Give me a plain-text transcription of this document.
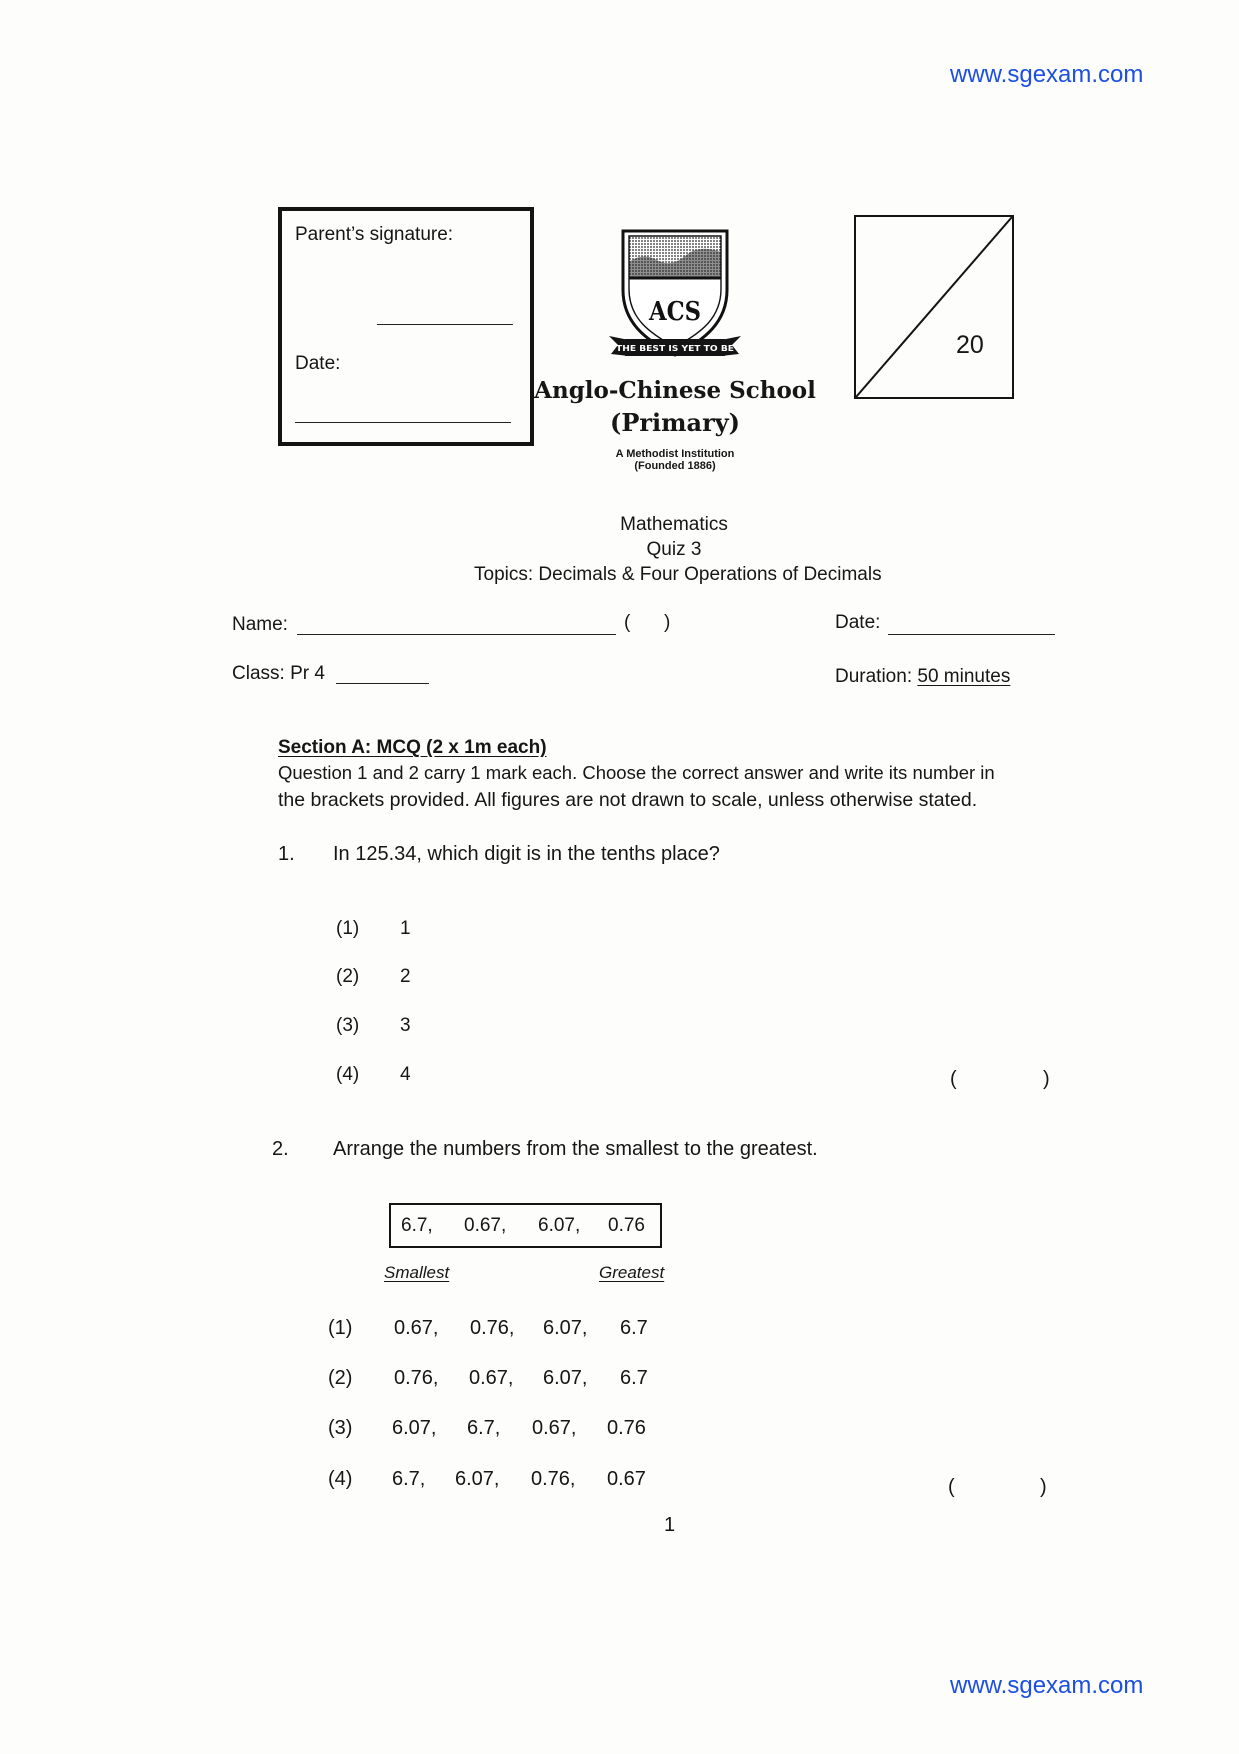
www.sgexam.com
Parent’s signature:
Date:
ACS
THE BEST IS YET TO BE
Anglo-Chinese School
(Primary)
A Methodist Institution
(Founded 1886)
20
Mathematics
Quiz 3
Topics: Decimals & Four Operations of Decimals
Name:	( )	Date:
Class: Pr 4	Duration: 50 minutes
Section A: MCQ (2 x 1m each)
Question 1 and 2 carry 1 mark each. Choose the correct answer and write its number in
the brackets provided. All figures are not drawn to scale, unless otherwise stated.
1. In 125.34, which digit is in the tenths place?
(1) 1
(2) 2
(3) 3
(4) 4	(	)
2. Arrange the numbers from the smallest to the greatest.
6.7, 0.67, 6.07, 0.76
Smallest	Greatest
(1) 0.67, 0.76, 6.07, 6.7
(2) 0.76, 0.67, 6.07, 6.7
(3) 6.07, 6.7, 0.67, 0.76
(4) 6.7, 6.07, 0.76, 0.67	(	)
1
www.sgexam.com
